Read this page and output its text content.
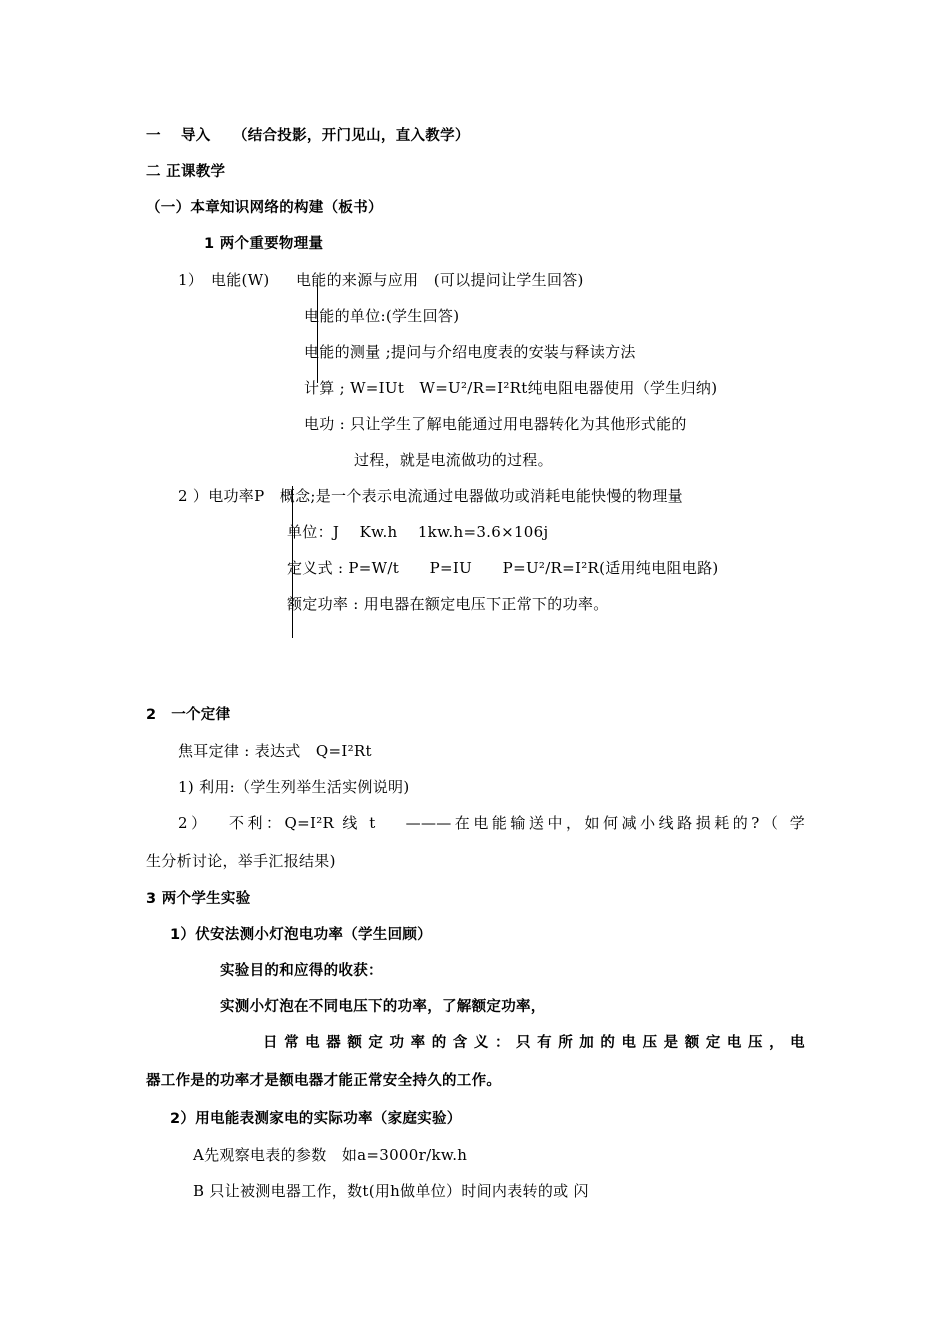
一　 导入　　（结合投影，开门见山，直入教学）
二 正课教学
（一）本章知识网络的构建（板书）
1 两个重要物理量
1）　电能(W) 电能的来源与应用　(可以提问让学生回答)
电能的单位:(学生回答)
电能的测量 ;提问与介绍电度表的安装与释读方法
计算 ; W=IUt　W=U²/R=I²Rt纯电阻电器使用（学生归纳)
电功 : 只让学生了解电能通过用电器转化为其他形式能的
过程，就是电流做功的过程。
2 ）电功率P　概念;是一个表示电流通过电器做功或消耗电能快慢的物理量
单位：J　 Kw.h　 1kw.h=3.6×106j
定义式 : P=W/t　　P=IU　　P=U²/R=I²R(适用纯电阻电路)
额定功率 : 用电器在额定电压下正常下的功率。
2　一个定律
焦耳定律 : 表达式　Q=I²Rt
1) 利用:（学生列举生活实例说明)
2）　 不利：Q=I²R 线 t　 ———在电能输送中，如何减小线路损耗的?（ 学
生分析讨论，举手汇报结果)
3 两个学生实验
1）伏安法测小灯泡电功率（学生回顾）
实验目的和应得的收获：
实测小灯泡在不同电压下的功率，了解额定功率，
日常电器额定功率的含义：只有所加的电压是额定电压，电
器工作是的功率才是额电器才能正常安全持久的工作。
2）用电能表测家电的实际功率（家庭实验）
A先观察电表的参数　如a=3000r/kw.h
B 只让被测电器工作，数t(用h做单位）时间内表转的或 闪
